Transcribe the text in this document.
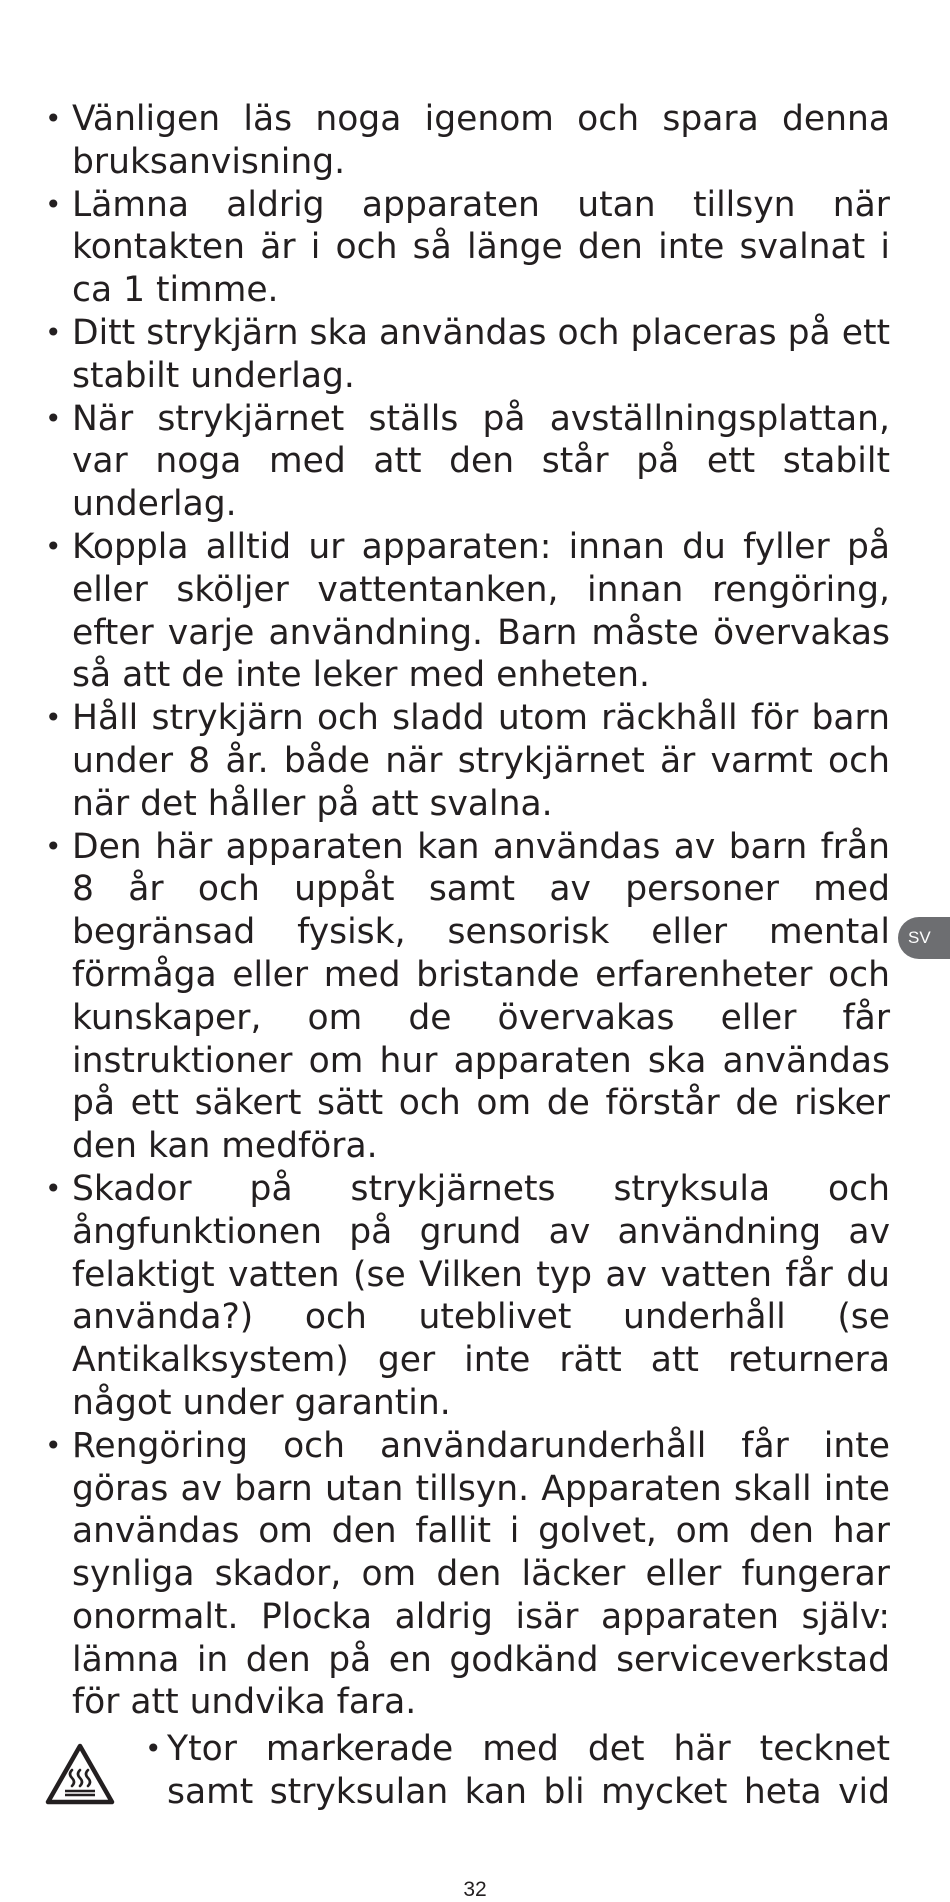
• Vänligen läs noga igenom och spara denna bruksanvisning.
• Lämna aldrig apparaten utan tillsyn när kontakten är i och så länge den inte svalnat i ca 1 timme.
• Ditt strykjärn ska användas och placeras på ett stabilt underlag.
• När strykjärnet ställs på avställningsplattan, var noga med att den står på ett stabilt underlag.
• Koppla alltid ur apparaten: innan du fyller på eller sköljer vattentanken, innan rengöring, efter varje användning. Barn måste övervakas så att de inte leker med enheten.
• Håll strykjärn och sladd utom räckhåll för barn under 8 år. både när strykjärnet är varmt och när det håller på att svalna.
• Den här apparaten kan användas av barn från 8 år och uppåt samt av personer med begränsad fysisk, sensorisk eller mental förmåga eller med bristande erfarenheter och kunskaper, om de övervakas eller får instruktioner om hur apparaten ska användas på ett säkert sätt och om de förstår de risker den kan medföra.
• Skador på strykjärnets stryksula och ångfunktionen på grund av användning av felaktigt vatten (se Vilken typ av vatten får du använda?) och uteblivet underhåll (se Antikalksystem) ger inte rätt att returnera något under garantin.
• Rengöring och användarunderhåll får inte göras av barn utan tillsyn. Apparaten skall inte användas om den fallit i golvet, om den har synliga skador, om den läcker eller fungerar onormalt. Plocka aldrig isär apparaten själv: lämna in den på en godkänd serviceverkstad för att undvika fara.
• Ytor markerade med det här tecknet samt stryksulan kan bli mycket heta vid
SV
32
